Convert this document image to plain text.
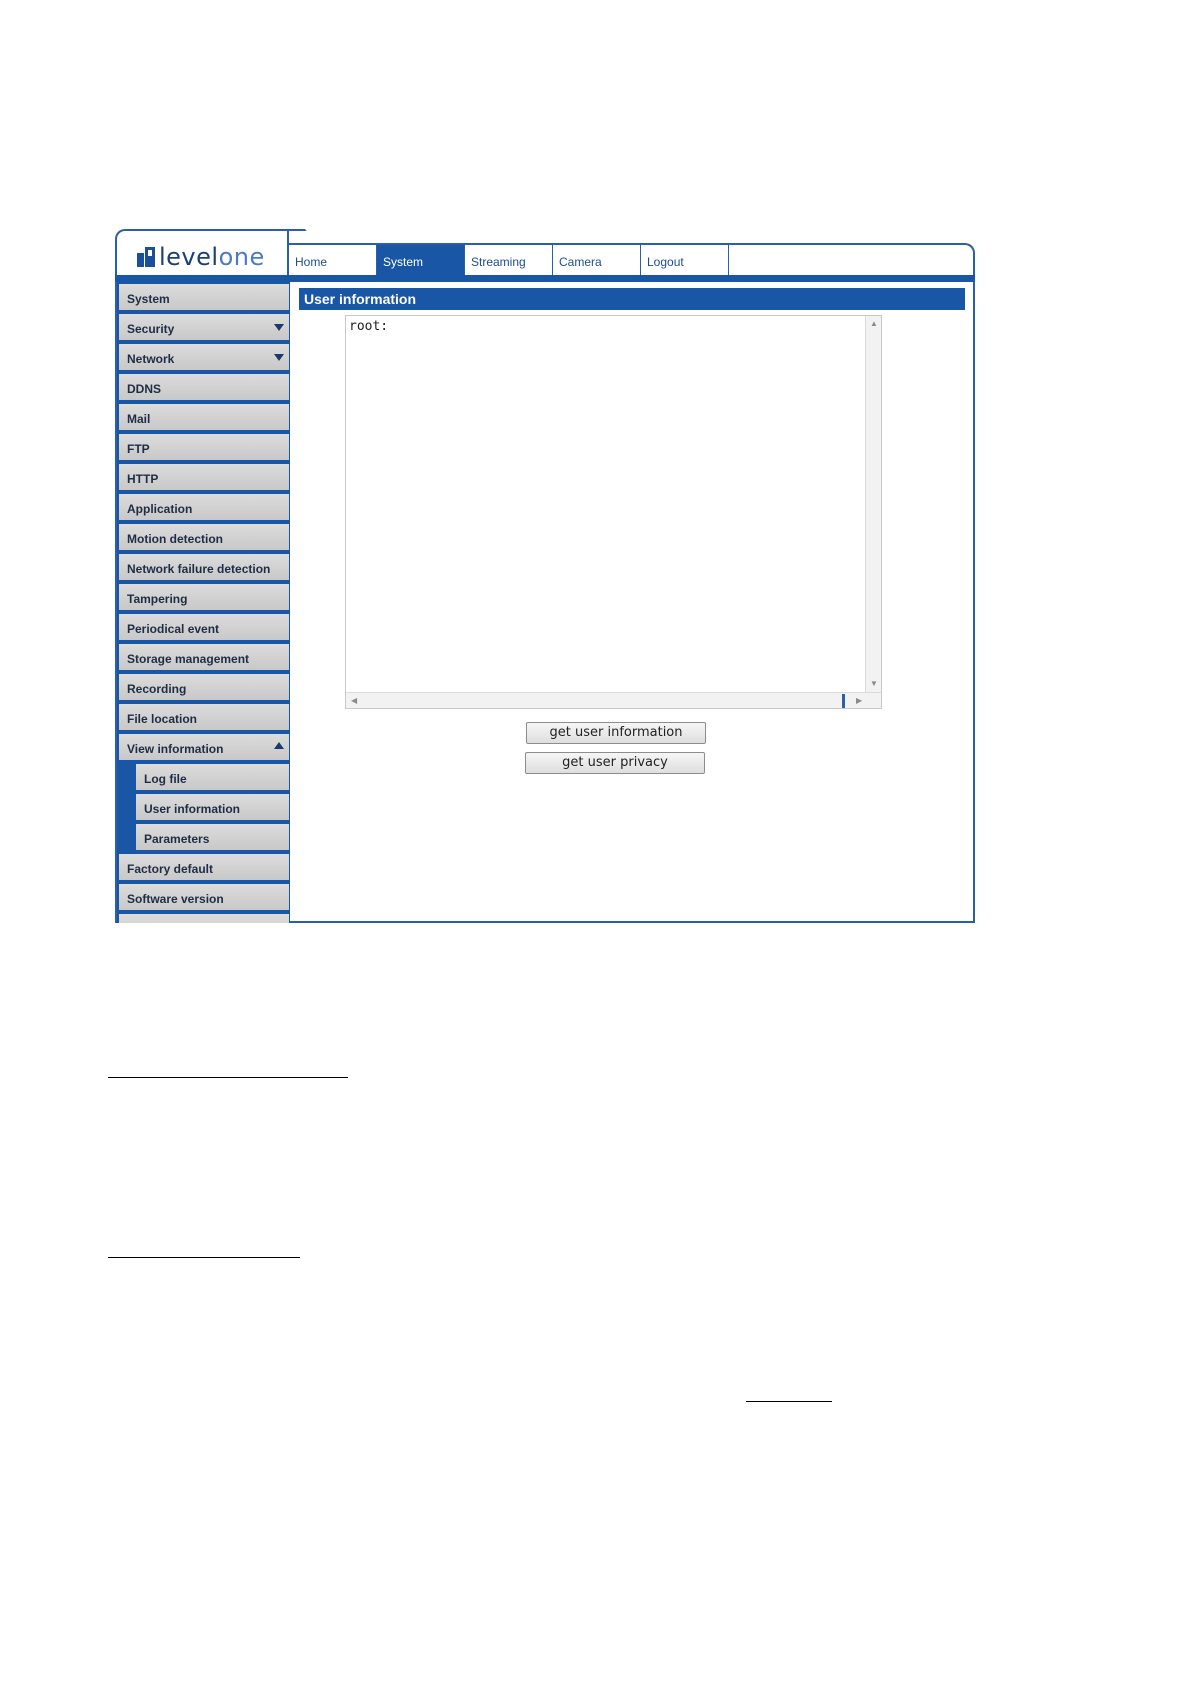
levelone	Home	System	Streaming	Camera	Logout
System
Security
Network
DDNS
Mail
FTP
HTTP
Application
Motion detection
Network failure detection
Tampering
Periodical event
Storage management
Recording
File location
View information
Log file
User information
Parameters
Factory default
Software version
User information
root:	▲
▼
◀	▶
get user information
get user privacy
